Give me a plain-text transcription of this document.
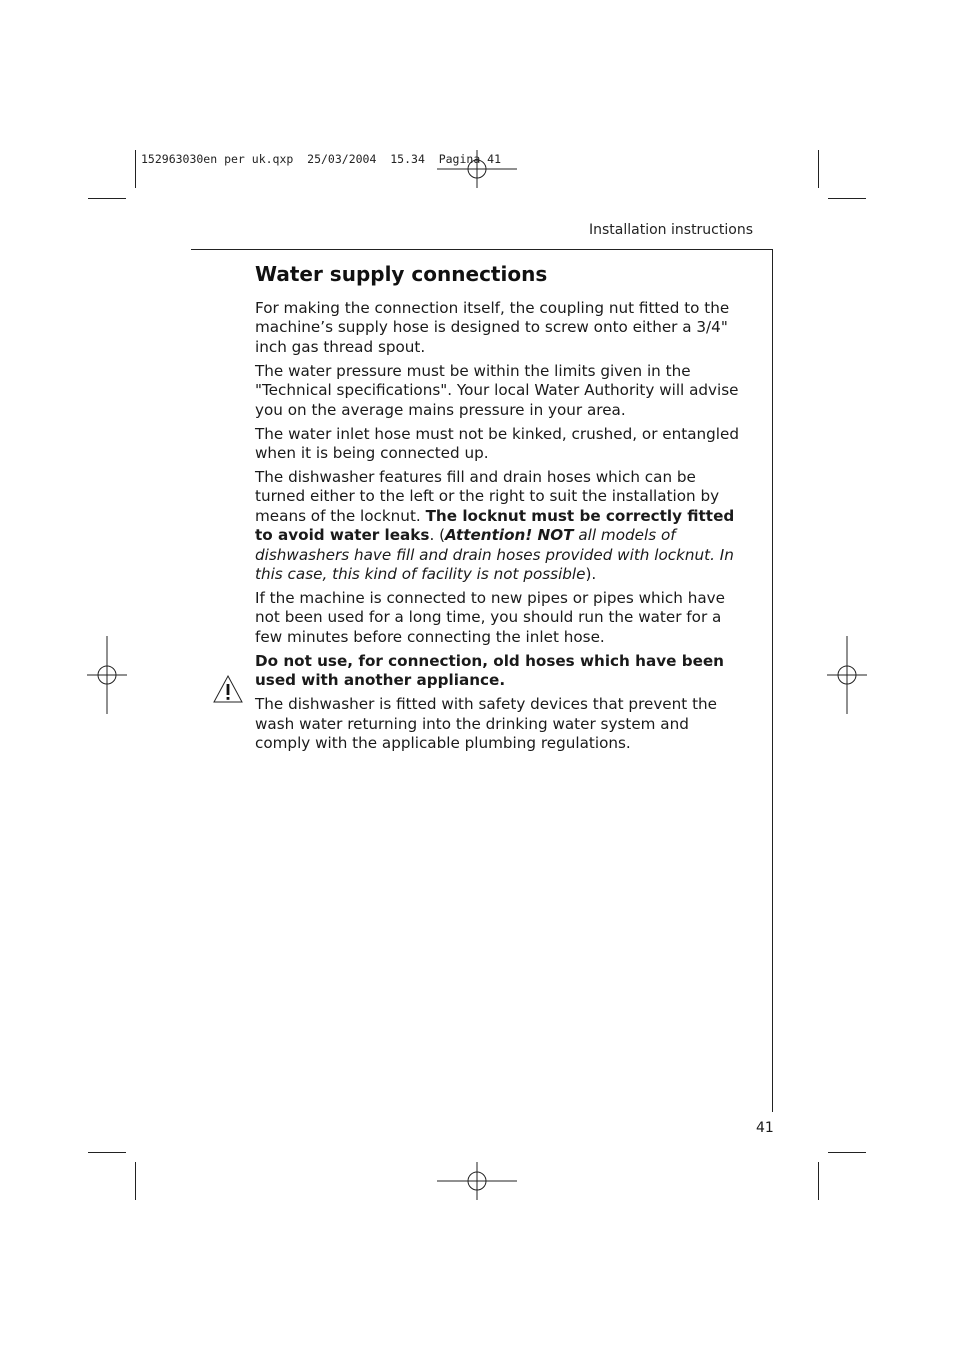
152963030en per uk.qxp  25/03/2004  15.34  Pagina 41
Installation instructions
Water supply connections

For making the connection itself, the coupling nut fitted to the machine’s supply hose is designed to screw onto either a 3/4" inch gas thread spout.

The water pressure must be within the limits given in the "Technical specifications". Your local Water Authority will advise you on the average mains pressure in your area.

The water inlet hose must not be kinked, crushed, or entangled when it is being connected up.

The dishwasher features fill and drain hoses which can be turned either to the left or the right to suit the installation by means of the locknut. The locknut must be correctly fitted to avoid water leaks. (Attention! NOT all models of dishwashers have fill and drain hoses provided with locknut. In this case, this kind of facility is not possible).

If the machine is connected to new pipes or pipes which have not been used for a long time, you should run the water for a few minutes before connecting the inlet hose.

Do not use, for connection, old hoses which have been used with another appliance.

The dishwasher is fitted with safety devices that prevent the wash water returning into the drinking water system and comply with the applicable plumbing regulations.

41
